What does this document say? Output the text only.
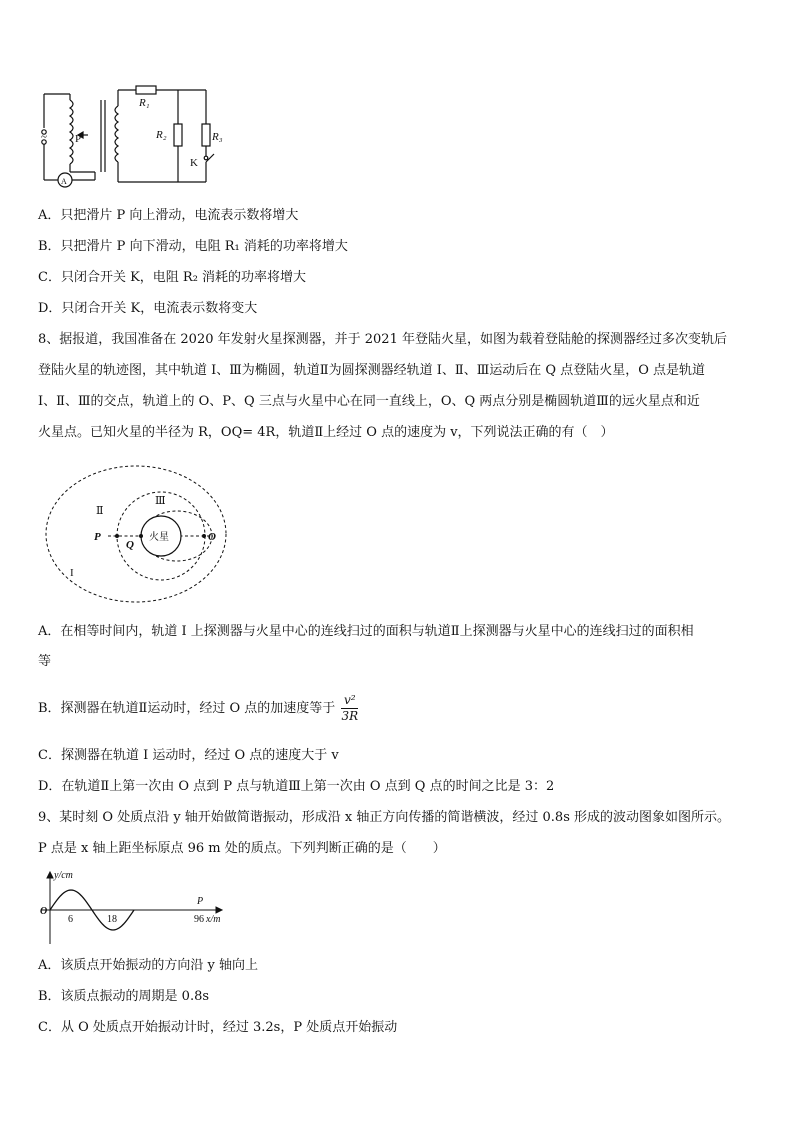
~
A
P
R₁
R₂	R₃
K
A．只把滑片 P 向上滑动，电流表示数将增大
B．只把滑片 P 向下滑动，电阻 R₁ 消耗的功率将增大
C．只闭合开关 K，电阻 R₂ 消耗的功率将增大
D．只闭合开关 K，电流表示数将变大
8、据报道，我国准备在 2020 年发射火星探测器，并于 2021 年登陆火星，如图为载着登陆舱的探测器经过多次变轨后
登陆火星的轨迹图，其中轨道 I、Ⅲ为椭圆，轨道Ⅱ为圆探测器经轨道 I、Ⅱ、Ⅲ运动后在 Q 点登陆火星，O 点是轨道
I、Ⅱ、Ⅲ的交点，轨道上的 O、P、Q 三点与火星中心在同一直线上，O、Q 两点分别是椭圆轨道Ⅲ的远火星点和近
火星点。已知火星的半径为 R，OQ= 4R，轨道Ⅱ上经过 O 点的速度为 v，下列说法正确的有（　）
Ⅱ
Ⅲ
I
P
Q
O
火星
A．在相等时间内，轨道 I 上探测器与火星中心的连线扫过的面积与轨道Ⅱ上探测器与火星中心的连线扫过的面积相
等
B．探测器在轨道Ⅱ运动时，经过 O 点的加速度等于 $\frac{\text{v²}}{3R}$
C．探测器在轨道 I 运动时，经过 O 点的速度大于 v
D．在轨道Ⅱ上第一次由 O 点到 P 点与轨道Ⅲ上第一次由 O 点到 Q 点的时间之比是 3：2
9、某时刻 O 处质点沿 y 轴开始做简谐振动，形成沿 x 轴正方向传播的简谐横波，经过 0.8s 形成的波动图象如图所示。
P 点是 x 轴上距坐标原点 96 m 处的质点。下列判断正确的是（　　）
y/cm
x/m
O
6	18	96
P
A．该质点开始振动的方向沿 y 轴向上
B．该质点振动的周期是 0.8s
C．从 O 处质点开始振动计时，经过 3.2s，P 处质点开始振动
